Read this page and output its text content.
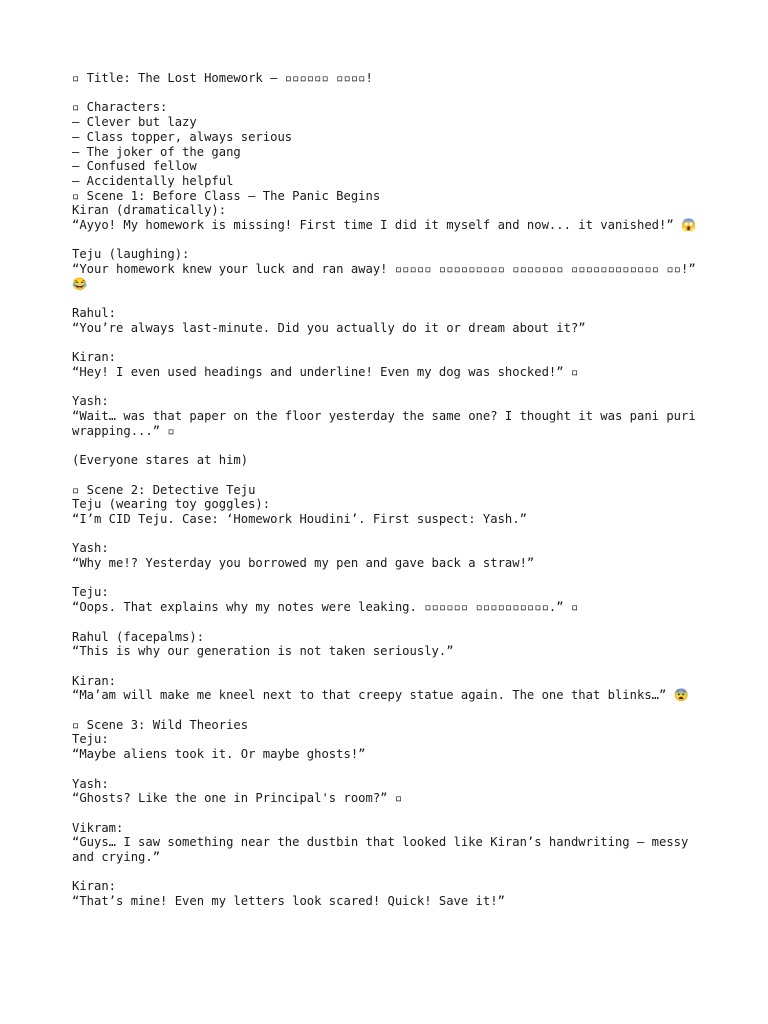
▫ Title: The Lost Homework – ▫▫▫▫▫▫ ▫▫▫▫!

▫ Characters:

– Clever but lazy

– Class topper, always serious

– The joker of the gang

– Confused fellow

– Accidentally helpful

▫ Scene 1: Before Class – The Panic Begins

Kiran (dramatically):

“Ayyo! My homework is missing! First time I did it myself and now... it vanished!” 😱

Teju (laughing):

“Your homework knew your luck and ran away! ▫▫▫▫▫ ▫▫▫▫▫▫▫▫▫ ▫▫▫▫▫▫▫ ▫▫▫▫▫▫▫▫▫▫▫▫ ▫▫!” 😂

Rahul:

“You’re always last-minute. Did you actually do it or dream about it?”

Kiran:

“Hey! I even used headings and underline! Even my dog was shocked!” ▫

Yash:

“Wait… was that paper on the floor yesterday the same one? I thought it was pani puri wrapping...” ▫

(Everyone stares at him)

▫ Scene 2: Detective Teju

Teju (wearing toy goggles):

“I’m CID Teju. Case: ‘Homework Houdini’. First suspect: Yash.”

Yash:

“Why me!? Yesterday you borrowed my pen and gave back a straw!”

Teju:

“Oops. That explains why my notes were leaking. ▫▫▫▫▫▫ ▫▫▫▫▫▫▫▫▫▫.” ▫

Rahul (facepalms):

“This is why our generation is not taken seriously.”

Kiran:

“Ma’am will make me kneel next to that creepy statue again. The one that blinks…” 😨

▫ Scene 3: Wild Theories

Teju:

“Maybe aliens took it. Or maybe ghosts!”

Yash:

“Ghosts? Like the one in Principal's room?” ▫

Vikram:

“Guys… I saw something near the dustbin that looked like Kiran’s handwriting – messy and crying.”

Kiran:

“That’s mine! Even my letters look scared! Quick! Save it!”
